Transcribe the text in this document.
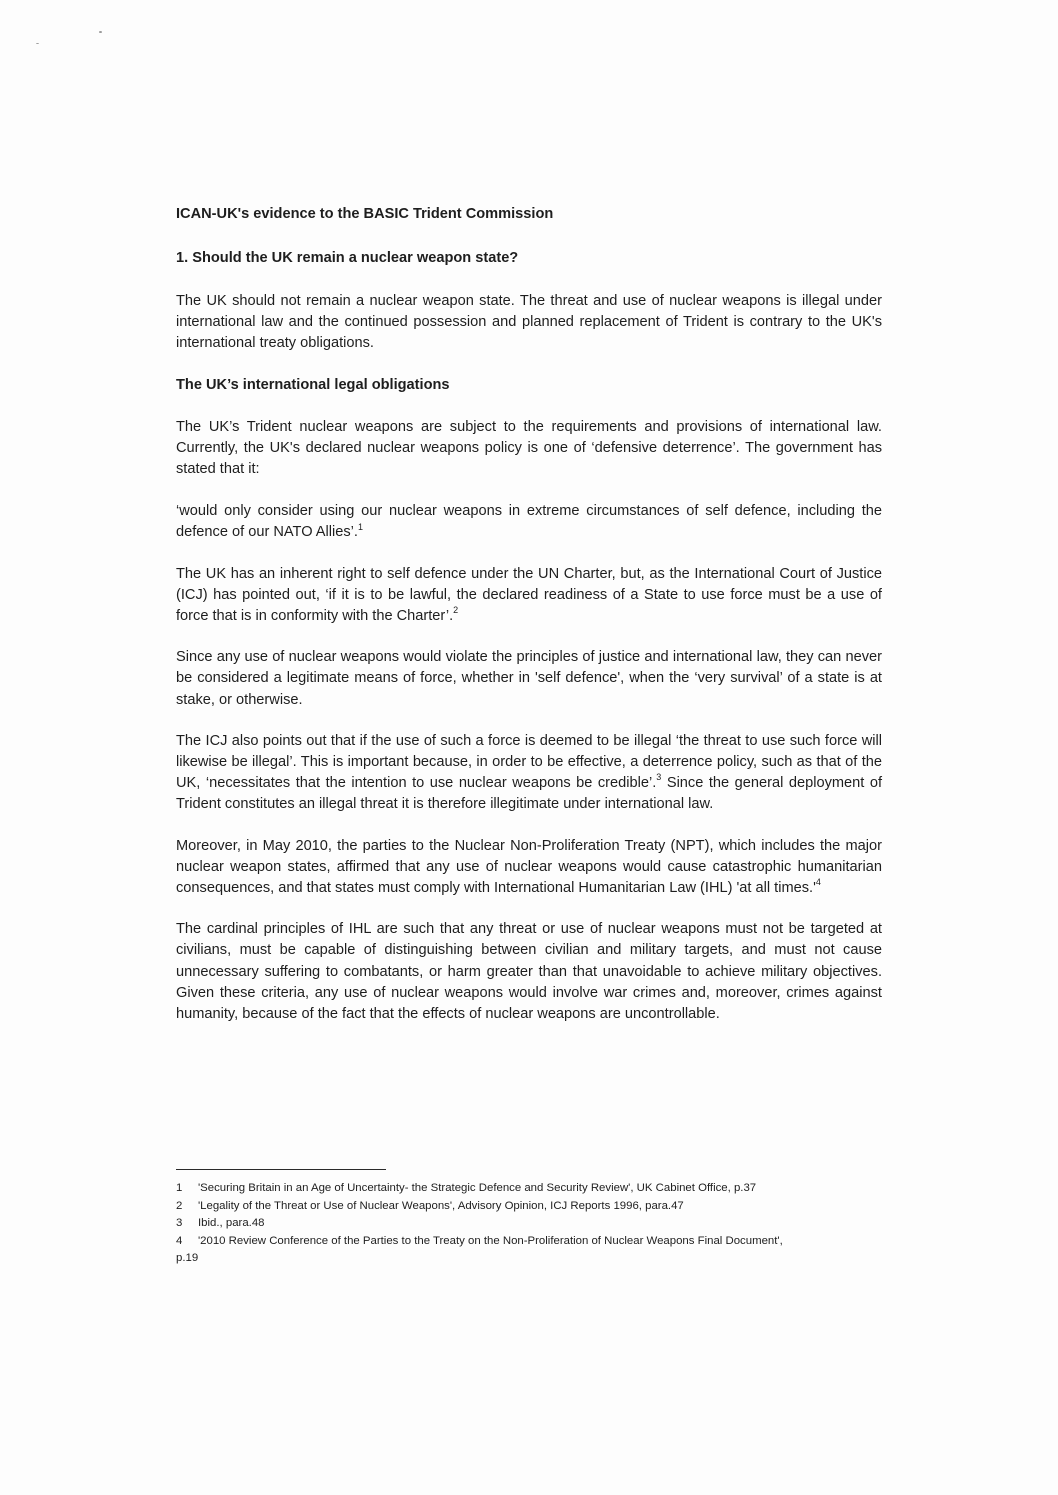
ICAN-UK's evidence to the BASIC Trident Commission

1. Should the UK remain a nuclear weapon state?

The UK should not remain a nuclear weapon state. The threat and use of nuclear weapons is illegal under international law and the continued possession and planned replacement of Trident is contrary to the UK's international treaty obligations.

The UK’s international legal obligations

The UK’s Trident nuclear weapons are subject to the requirements and provisions of international law. Currently, the UK's declared nuclear weapons policy is one of ‘defensive deterrence’. The government has stated that it:

‘would only consider using our nuclear weapons in extreme circumstances of self defence, including the defence of our NATO Allies’.$^1$

The UK has an inherent right to self defence under the UN Charter, but, as the International Court of Justice (ICJ) has pointed out, ‘if it is to be lawful, the declared readiness of a State to use force must be a use of force that is in conformity with the Charter’.$^2$

Since any use of nuclear weapons would violate the principles of justice and international law, they can never be considered a legitimate means of force, whether in 'self defence', when the ‘very survival’ of a state is at stake, or otherwise.

The ICJ also points out that if the use of such a force is deemed to be illegal ‘the threat to use such force will likewise be illegal’. This is important because, in order to be effective, a deterrence policy, such as that of the UK, ‘necessitates that the intention to use nuclear weapons be credible’.$^3$ Since the general deployment of Trident constitutes an illegal threat it is therefore illegitimate under international law.

Moreover, in May 2010, the parties to the Nuclear Non-Proliferation Treaty (NPT), which includes the major nuclear weapon states, affirmed that any use of nuclear weapons would cause catastrophic humanitarian consequences, and that states must comply with International Humanitarian Law (IHL) 'at all $times.'^4$

The cardinal principles of IHL are such that any threat or use of nuclear weapons must not be targeted at civilians, must be capable of distinguishing between civilian and military targets, and must not cause unnecessary suffering to combatants, or harm greater than that unavoidable to achieve military objectives. Given these criteria, any use of nuclear weapons would involve war crimes and, moreover, crimes against humanity, because of the fact that the effects of nuclear weapons are uncontrollable.

1	'Securing Britain in an Age of Uncertainty- the Strategic Defence and Security Review', UK Cabinet Office, p.37
2	'Legality of the Threat or Use of Nuclear Weapons', Advisory Opinion, ICJ Reports 1996, para.47
3	Ibid., para.48
4	'2010 Review Conference of the Parties to the Treaty on the Non-Proliferation of Nuclear Weapons Final Document',
p.19
